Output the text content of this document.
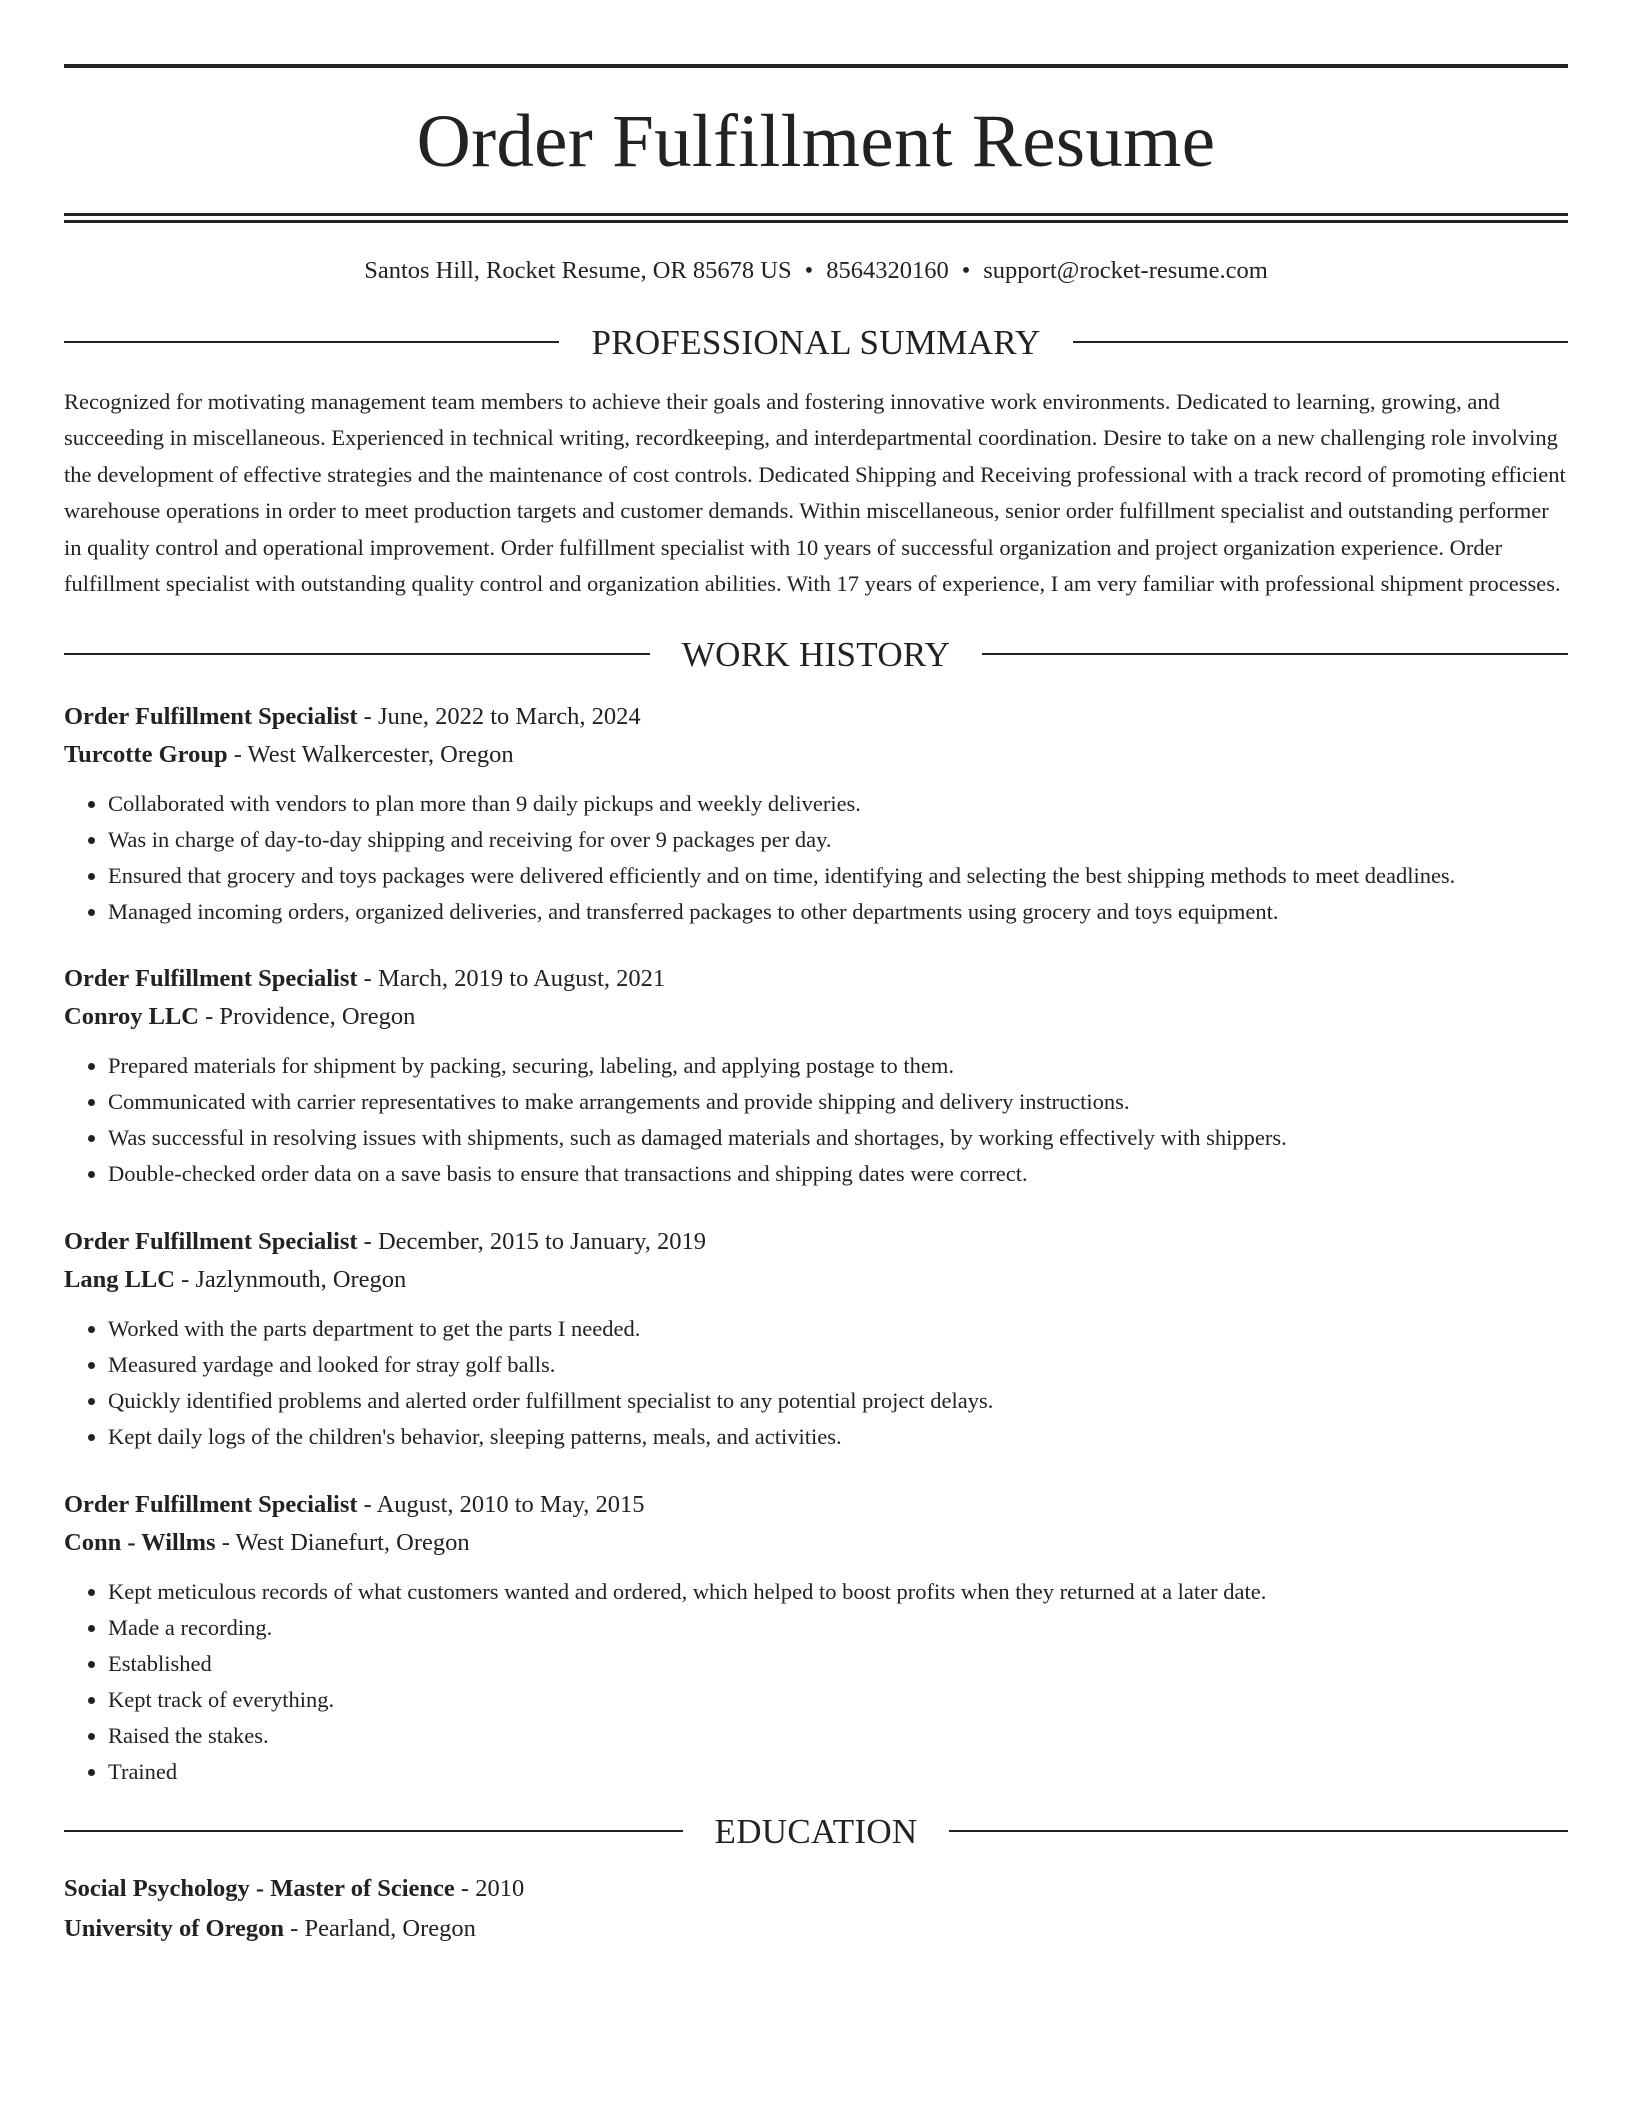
Order Fulfillment Resume
Santos Hill, Rocket Resume, OR 85678 US • 8564320160 • support@rocket-resume.com
PROFESSIONAL SUMMARY
Recognized for motivating management team members to achieve their goals and fostering innovative work environments. Dedicated to learning, growing, and succeeding in miscellaneous. Experienced in technical writing, recordkeeping, and interdepartmental coordination. Desire to take on a new challenging role involving the development of effective strategies and the maintenance of cost controls. Dedicated Shipping and Receiving professional with a track record of promoting efficient warehouse operations in order to meet production targets and customer demands. Within miscellaneous, senior order fulfillment specialist and outstanding performer in quality control and operational improvement. Order fulfillment specialist with 10 years of successful organization and project organization experience. Order fulfillment specialist with outstanding quality control and organization abilities. With 17 years of experience, I am very familiar with professional shipment processes.
WORK HISTORY
Order Fulfillment Specialist - June, 2022 to March, 2024
Turcotte Group - West Walkercester, Oregon
• Collaborated with vendors to plan more than 9 daily pickups and weekly deliveries.
• Was in charge of day-to-day shipping and receiving for over 9 packages per day.
• Ensured that grocery and toys packages were delivered efficiently and on time, identifying and selecting the best shipping methods to meet deadlines.
• Managed incoming orders, organized deliveries, and transferred packages to other departments using grocery and toys equipment.
Order Fulfillment Specialist - March, 2019 to August, 2021
Conroy LLC - Providence, Oregon
• Prepared materials for shipment by packing, securing, labeling, and applying postage to them.
• Communicated with carrier representatives to make arrangements and provide shipping and delivery instructions.
• Was successful in resolving issues with shipments, such as damaged materials and shortages, by working effectively with shippers.
• Double-checked order data on a save basis to ensure that transactions and shipping dates were correct.
Order Fulfillment Specialist - December, 2015 to January, 2019
Lang LLC - Jazlynmouth, Oregon
• Worked with the parts department to get the parts I needed.
• Measured yardage and looked for stray golf balls.
• Quickly identified problems and alerted order fulfillment specialist to any potential project delays.
• Kept daily logs of the children's behavior, sleeping patterns, meals, and activities.
Order Fulfillment Specialist - August, 2010 to May, 2015
Conn - Willms - West Dianefurt, Oregon
• Kept meticulous records of what customers wanted and ordered, which helped to boost profits when they returned at a later date.
• Made a recording.
• Established
• Kept track of everything.
• Raised the stakes.
• Trained
EDUCATION
Social Psychology - Master of Science - 2010
University of Oregon - Pearland, Oregon
